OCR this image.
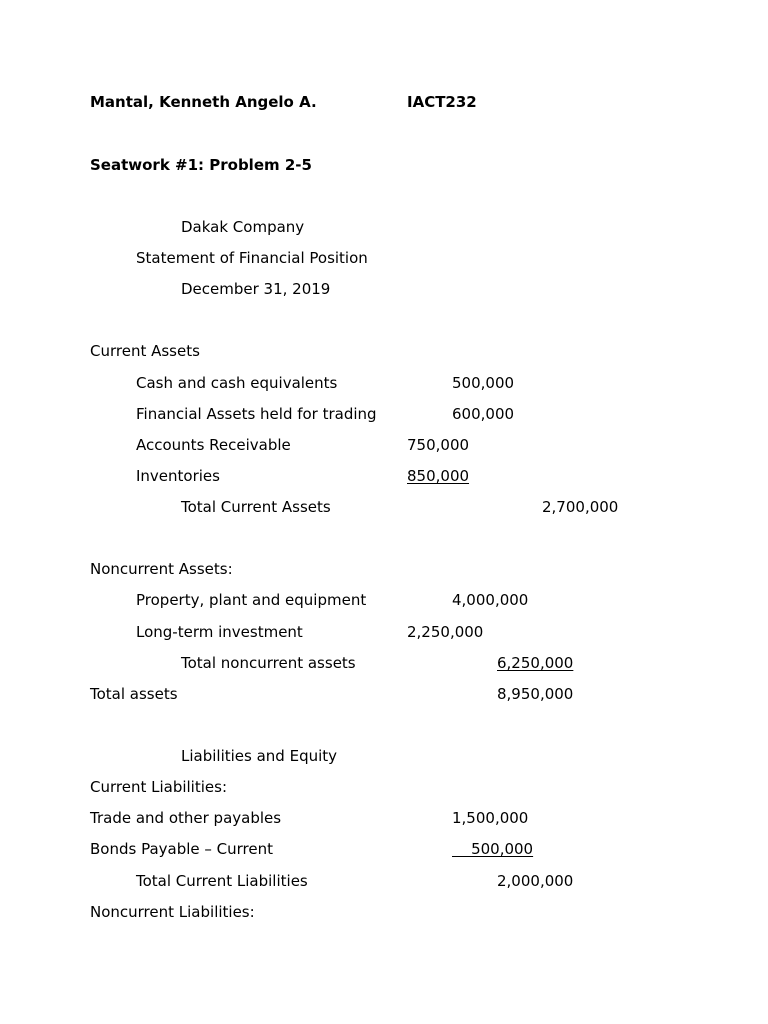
Mantal, Kenneth Angelo A.	IACT232
Seatwork #1: Problem 2-5
Dakak Company
Statement of Financial Position
December 31, 2019
Current Assets
Cash and cash equivalents	500,000
Financial Assets held for trading	600,000
Accounts Receivable	750,000
Inventories	850,000
Total Current Assets	2,700,000
Noncurrent Assets:
Property, plant and equipment	4,000,000
Long-term investment	2,250,000
Total noncurrent assets	6,250,000
Total assets	8,950,000
Liabilities and Equity
Current Liabilities:
Trade and other payables	1,500,000
Bonds Payable – Current	500,000
Total Current Liabilities	2,000,000
Noncurrent Liabilities:
